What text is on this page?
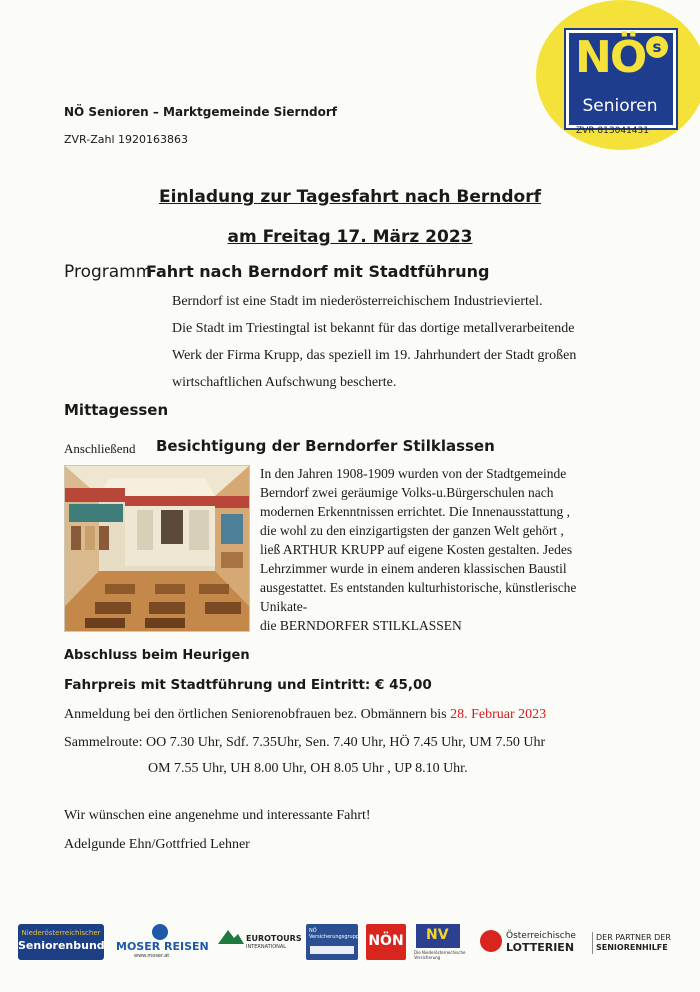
NÖ s
Senioren
ZVR 813041431
NÖ Senioren – Marktgemeinde Sierndorf
ZVR-Zahl 1920163863
Einladung zur Tagesfahrt nach Berndorf
am Freitag 17. März 2023
Programm :
Fahrt nach Berndorf mit Stadtführung
Berndorf ist eine Stadt im niederösterreichischem Industrieviertel.
Die Stadt im Triestingtal ist bekannt für das dortige metallverarbeitende
Werk der Firma Krupp, das speziell im 19. Jahrhundert der Stadt großen
wirtschaftlichen Aufschwung bescherte.
Mittagessen
Anschließend Besichtigung der Berndorfer Stilklassen
In den Jahren 1908-1909 wurden von der Stadtgemeinde
Berndorf zwei geräumige Volks-u.Bürgerschulen nach
modernen Erkenntnissen errichtet. Die Innenausstattung ,
die wohl zu den einzigartigsten der ganzen Welt gehört ,
ließ ARTHUR KRUPP auf eigene Kosten gestalten. Jedes
Lehrzimmer wurde in einem anderen klassischen Baustil
ausgestattet. Es entstanden kulturhistorische, künstlerische
Unikate-
die BERNDORFER STILKLASSEN
Abschluss beim Heurigen
Fahrpreis mit Stadtführung und Eintritt: € 45,00
Anmeldung bei den örtlichen Seniorenobfrauen bez. Obmännern bis 28. Februar 2023
Sammelroute: OO 7.30 Uhr, Sdf. 7.35Uhr, Sen. 7.40 Uhr, HÖ 7.45 Uhr, UM 7.50 Uhr
OM 7.55 Uhr, UH 8.00 Uhr, OH 8.05 Uhr , UP 8.10 Uhr.
Wir wünschen eine angenehme und interessante Fahrt!
Adelgunde Ehn/Gottfried Lehner
Niederösterreichischer
Seniorenbund MOSER REISEN
www.moser.at
EUROTOURS
INTERNATIONAL
NÖ Versicherungsgruppe NÖN NV
Die Niederösterreichische Versicherung
Österreichische
LOTTERIEN
DER PARTNER DER
SENIORENHILFE
